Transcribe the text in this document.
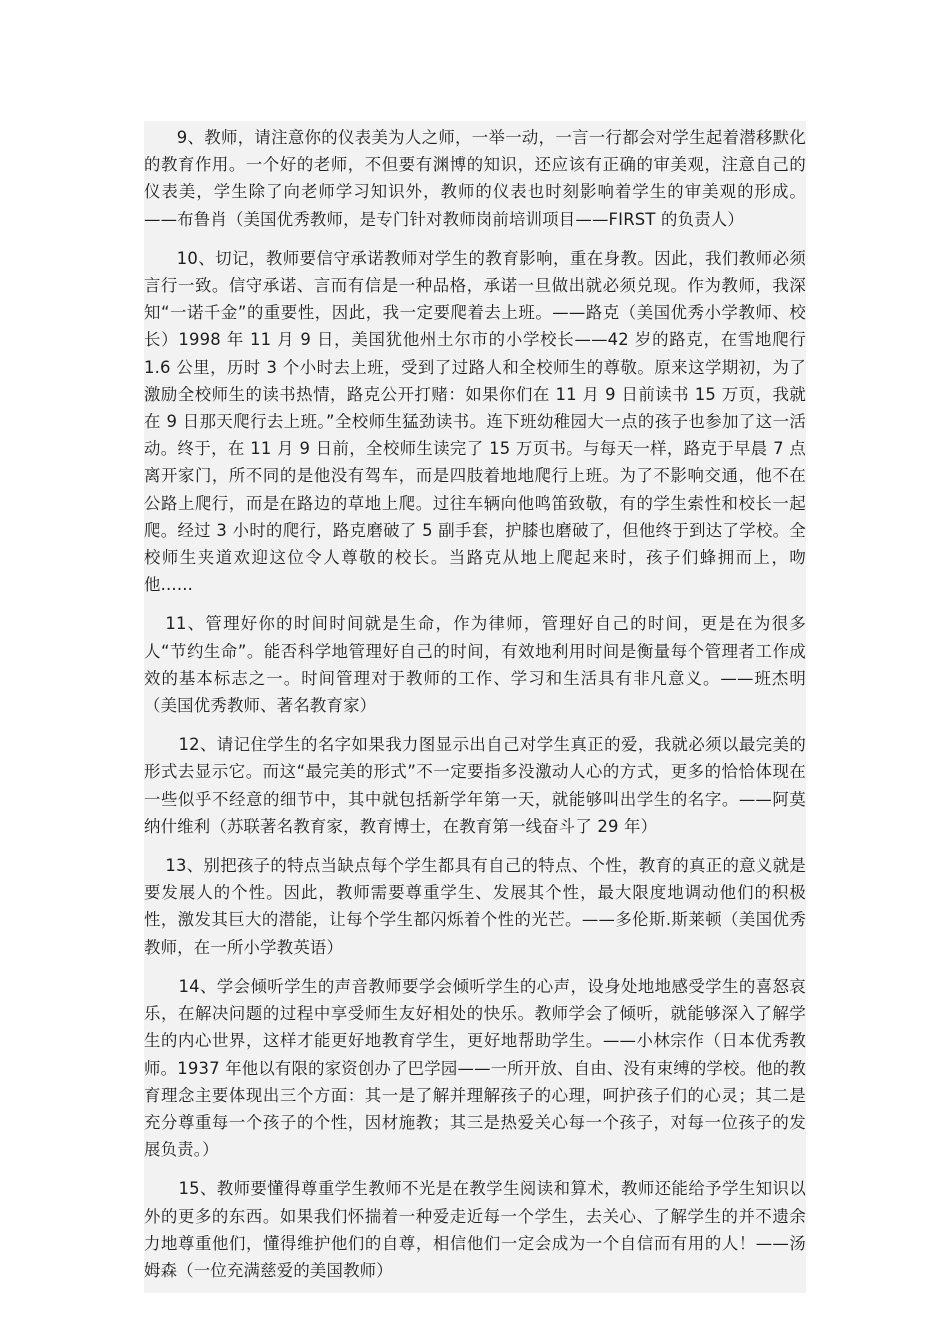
9、教师，请注意你的仪表美为人之师，一举一动，一言一行都会对学生起着潜移默化的教育作用。一个好的老师，不但要有渊博的知识，还应该有正确的审美观，注意自己的仪表美，学生除了向老师学习知识外，教师的仪表也时刻影响着学生的审美观的形成。——布鲁肖（美国优秀教师，是专门针对教师岗前培训项目——FIRST 的负责人）

10、切记，教师要信守承诺教师对学生的教育影响，重在身教。因此，我们教师必须言行一致。信守承诺、言而有信是一种品格，承诺一旦做出就必须兑现。作为教师，我深知“一诺千金”的重要性，因此，我一定要爬着去上班。——路克（美国优秀小学教师、校长）1998 年 11 月 9 日，美国犹他州土尔市的小学校长——42 岁的路克，在雪地爬行 1.6 公里，历时 3 个小时去上班，受到了过路人和全校师生的尊敬。原来这学期初，为了激励全校师生的读书热情，路克公开打赌：如果你们在 11 月 9 日前读书 15 万页，我就在 9 日那天爬行去上班。”全校师生猛劲读书。连下班幼稚园大一点的孩子也参加了这一活动。终于，在 11 月 9 日前，全校师生读完了 15 万页书。与每天一样，路克于早晨 7 点离开家门，所不同的是他没有驾车，而是四肢着地地爬行上班。为了不影响交通，他不在公路上爬行，而是在路边的草地上爬。过往车辆向他鸣笛致敬，有的学生索性和校长一起爬。经过 3 小时的爬行，路克磨破了 5 副手套，护膝也磨破了，但他终于到达了学校。全校师生夹道欢迎这位令人尊敬的校长。当路克从地上爬起来时，孩子们蜂拥而上，吻他......

11、管理好你的时间时间就是生命，作为律师，管理好自己的时间，更是在为很多人“节约生命”。能否科学地管理好自己的时间，有效地利用时间是衡量每个管理者工作成效的基本标志之一。时间管理对于教师的工作、学习和生活具有非凡意义。——班杰明（美国优秀教师、著名教育家）

12、请记住学生的名字如果我力图显示出自己对学生真正的爱，我就必须以最完美的形式去显示它。而这“最完美的形式”不一定要指多没激动人心的方式，更多的恰恰体现在一些似乎不经意的细节中，其中就包括新学年第一天，就能够叫出学生的名字。——阿莫纳什维利（苏联著名教育家，教育博士，在教育第一线奋斗了 29 年）

13、别把孩子的特点当缺点每个学生都具有自己的特点、个性，教育的真正的意义就是要发展人的个性。因此，教师需要尊重学生、发展其个性，最大限度地调动他们的积极性，激发其巨大的潜能，让每个学生都闪烁着个性的光芒。——多伦斯.斯莱顿（美国优秀教师，在一所小学教英语）

14、学会倾听学生的声音教师要学会倾听学生的心声，设身处地地感受学生的喜怒哀乐，在解决问题的过程中享受师生友好相处的快乐。教师学会了倾听，就能够深入了解学生的内心世界，这样才能更好地教育学生，更好地帮助学生。——小林宗作（日本优秀教师。1937 年他以有限的家资创办了巴学园——一所开放、自由、没有束缚的学校。他的教育理念主要体现出三个方面：其一是了解并理解孩子的心理，呵护孩子们的心灵；其二是充分尊重每一个孩子的个性，因材施教；其三是热爱关心每一个孩子，对每一位孩子的发展负责。）

15、教师要懂得尊重学生教师不光是在教学生阅读和算术，教师还能给予学生知识以外的更多的东西。如果我们怀揣着一种爱走近每一个学生，去关心、了解学生的并不遗余力地尊重他们，懂得维护他们的自尊，相信他们一定会成为一个自信而有用的人！——汤姆森（一位充满慈爱的美国教师）
